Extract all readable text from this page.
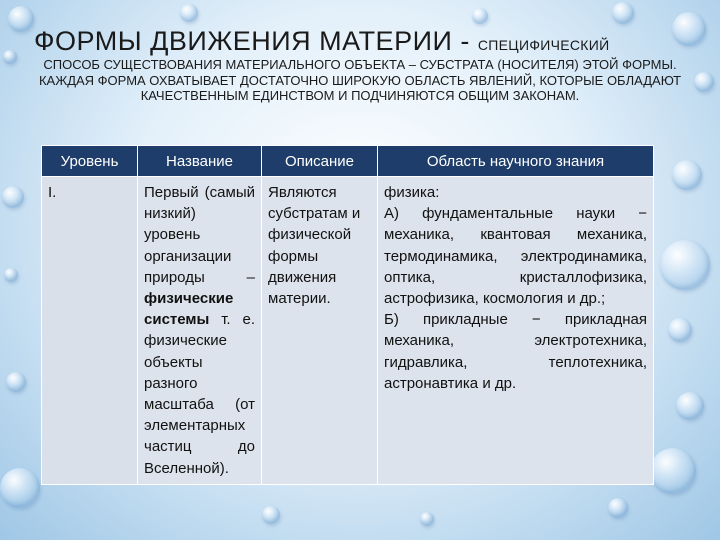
ФОРМЫ ДВИЖЕНИЯ МАТЕРИИ - СПЕЦИФИЧЕСКИЙ
СПОСОБ СУЩЕСТВОВАНИЯ МАТЕРИАЛЬНОГО ОБЪЕКТА – СУБСТРАТА (НОСИТЕЛЯ) ЭТОЙ ФОРМЫ. КАЖДАЯ ФОРМА ОХВАТЫВАЕТ ДОСТАТОЧНО ШИРОКУЮ ОБЛАСТЬ ЯВЛЕНИЙ, КОТОРЫЕ ОБЛАДАЮТ КАЧЕСТВЕННЫМ ЕДИНСТВОМ И ПОДЧИНЯЮТСЯ ОБЩИМ ЗАКОНАМ.
Уровень	Название	Описание	Область научного знания
I.	Первый (самый низкий) уровень организации природы – физические системы т. е. физические объекты разного масштаба (от элементарных частиц до Вселенной).	Являются субстратам и физической формы движения материи.	физика:
А) фундаментальные науки − механика, квантовая механика, термодинамика, электродинамика, оптика, кристаллофизика, астрофизика, космология и др.;
Б) прикладные − прикладная механика, электротехника, гидравлика, теплотехника, астронавтика и др.
